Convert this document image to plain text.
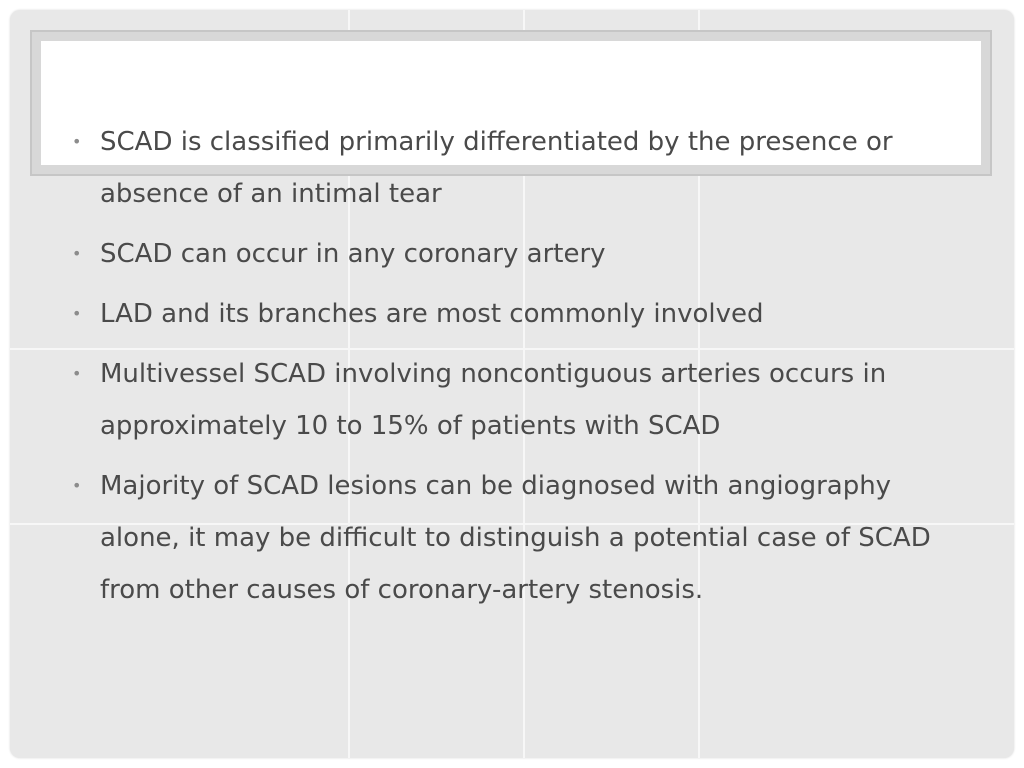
• SCAD is classified primarily differentiated by the presence or absence of an intimal tear
• SCAD can occur in any coronary artery
• LAD and its branches are most commonly involved
• Multivessel SCAD involving noncontiguous arteries occurs in approximately 10 to 15% of patients with SCAD
• Majority of SCAD lesions can be diagnosed with angiography alone, it may be difficult to distinguish a potential case of SCAD from other causes of coronary-artery stenosis.
